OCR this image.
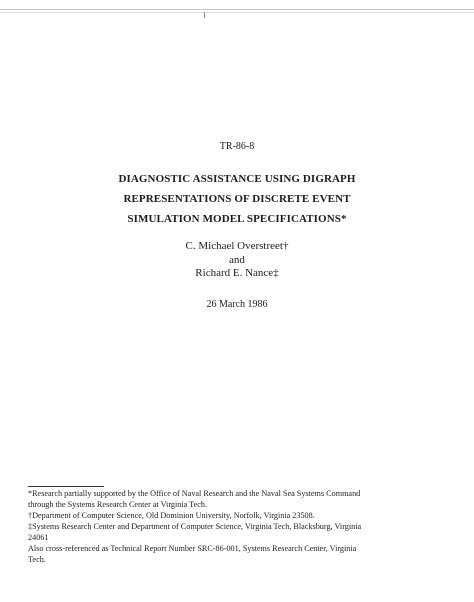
TR-86-8
DIAGNOSTIC ASSISTANCE USING DIGRAPH
REPRESENTATIONS OF DISCRETE EVENT
SIMULATION MODEL SPECIFICATIONS*
C. Michael Overstreet†
and
Richard E. Nance‡
26 March 1986
*Research partially supported by the Office of Naval Research and the Naval Sea Systems Command
through the Systems Research Center at Virginia Tech.
†Department of Computer Science, Old Dominion University, Norfolk, Virginia 23508.
‡Systems Research Center and Department of Computer Science, Virginia Tech, Blacksburg, Virginia
24061
Also cross-referenced as Technical Report Number SRC-86-001, Systems Research Center, Virginia
Tech.
